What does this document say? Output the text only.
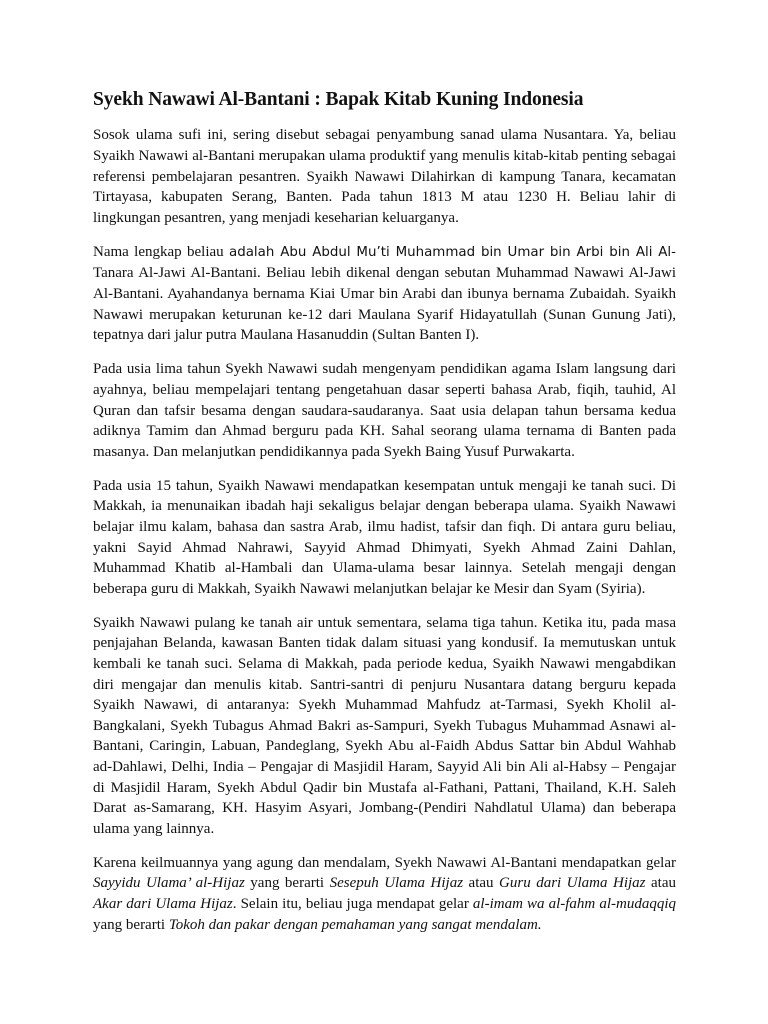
Syekh Nawawi Al-Bantani : Bapak Kitab Kuning Indonesia

Sosok ulama sufi ini, sering disebut sebagai penyambung sanad ulama Nusantara. Ya, beliau Syaikh Nawawi al-Bantani merupakan ulama produktif yang menulis kitab-kitab penting sebagai referensi pembelajaran pesantren. Syaikh Nawawi Dilahirkan di kampung Tanara, kecamatan Tirtayasa, kabupaten Serang, Banten. Pada tahun 1813 M atau 1230 H. Beliau lahir di lingkungan pesantren, yang menjadi keseharian keluarganya.

Nama lengkap beliau adalah Abu Abdul Mu’ti Muhammad bin Umar bin Arbi bin Ali Al-Tanara Al-Jawi Al-Bantani. Beliau lebih dikenal dengan sebutan Muhammad Nawawi Al-Jawi Al-Bantani. Ayahandanya bernama Kiai Umar bin Arabi dan ibunya bernama Zubaidah. Syaikh Nawawi merupakan keturunan ke-12 dari Maulana Syarif Hidayatullah (Sunan Gunung Jati), tepatnya dari jalur putra Maulana Hasanuddin (Sultan Banten I).

Pada usia lima tahun Syekh Nawawi sudah mengenyam pendidikan agama Islam langsung dari ayahnya, beliau mempelajari tentang pengetahuan dasar seperti bahasa Arab, fiqih, tauhid, Al Quran dan tafsir besama dengan saudara-saudaranya. Saat usia delapan tahun bersama kedua adiknya Tamim dan Ahmad berguru pada KH. Sahal seorang ulama ternama di Banten pada masanya. Dan melanjutkan pendidikannya pada Syekh Baing Yusuf Purwakarta.

Pada usia 15 tahun, Syaikh Nawawi mendapatkan kesempatan untuk mengaji ke tanah suci. Di Makkah, ia menunaikan ibadah haji sekaligus belajar dengan beberapa ulama. Syaikh Nawawi belajar ilmu kalam, bahasa dan sastra Arab, ilmu hadist, tafsir dan fiqh. Di antara guru beliau, yakni Sayid Ahmad Nahrawi, Sayyid Ahmad Dhimyati, Syekh Ahmad Zaini Dahlan, Muhammad Khatib al-Hambali dan Ulama-ulama besar lainnya. Setelah mengaji dengan beberapa guru di Makkah, Syaikh Nawawi melanjutkan belajar ke Mesir dan Syam (Syiria).

Syaikh Nawawi pulang ke tanah air untuk sementara, selama tiga tahun. Ketika itu, pada masa penjajahan Belanda, kawasan Banten tidak dalam situasi yang kondusif. Ia memutuskan untuk kembali ke tanah suci. Selama di Makkah, pada periode kedua, Syaikh Nawawi mengabdikan diri mengajar dan menulis kitab. Santri-santri di penjuru Nusantara datang berguru kepada Syaikh Nawawi, di antaranya: Syekh Muhammad Mahfudz at-Tarmasi, Syekh Kholil al-Bangkalani, Syekh Tubagus Ahmad Bakri as-Sampuri, Syekh Tubagus Muhammad Asnawi al-Bantani, Caringin, Labuan, Pandeglang, Syekh Abu al-Faidh Abdus Sattar bin Abdul Wahhab ad-Dahlawi, Delhi, India – Pengajar di Masjidil Haram, Sayyid Ali bin Ali al-Habsy – Pengajar di Masjidil Haram, Syekh Abdul Qadir bin Mustafa al-Fathani, Pattani, Thailand, K.H. Saleh Darat as-Samarang, KH. Hasyim Asyari, Jombang-(Pendiri Nahdlatul Ulama) dan beberapa ulama yang lainnya.

Karena keilmuannya yang agung dan mendalam, Syekh Nawawi Al-Bantani mendapatkan gelar Sayyidu Ulama’ al-Hijaz yang berarti Sesepuh Ulama Hijaz atau Guru dari Ulama Hijaz atau Akar dari Ulama Hijaz. Selain itu, beliau juga mendapat gelar al-imam wa al-fahm al-mudaqqiq yang berarti Tokoh dan pakar dengan pemahaman yang sangat mendalam.
